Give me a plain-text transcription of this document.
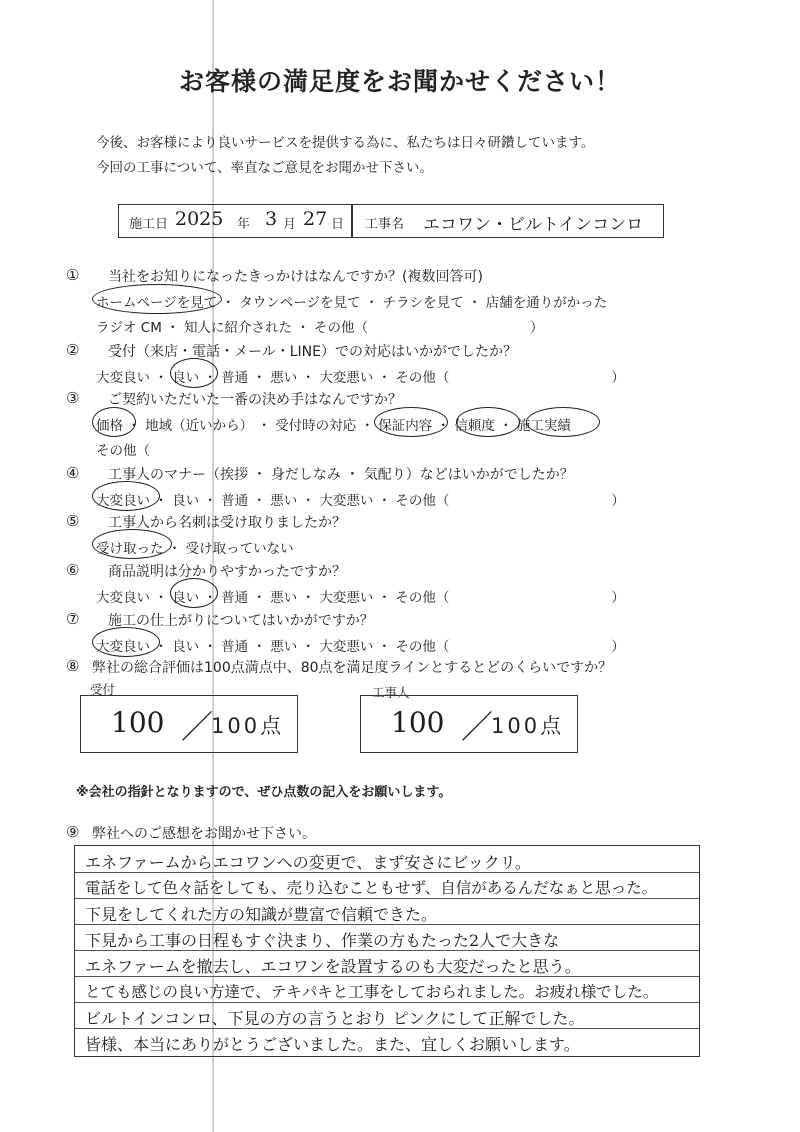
お客様の満足度をお聞かせください！
今後、お客様により良いサービスを提供する為に、私たちは日々研鑽しています。
今回の工事について、率直なご意見をお聞かせ下さい。
施工日 2025 年 3 月 27 日 工事名 エコワン・ビルトインコンロ
① 当社をお知りになったきっかけはなんですか？(複数回答可)
ホームページを見て ・ タウンページを見て ・ チラシを見て ・ 店舗を通りがかった
ラジオ CM ・ 知人に紹介された ・ その他（　　　　　　　　　　　　）
② 受付（来店・電話・メール・LINE）での対応はいかがでしたか？
大変良い ・ 良い ・ 普通 ・ 悪い ・ 大変悪い ・ その他（　　　　　　　　　　　　）
③ ご契約いただいた一番の決め手はなんですか？
価格 ・ 地域（近いから） ・ 受付時の対応 ・ 保証内容 ・ 信頼度 ・ 施工実績
その他（
④ 工事人のマナー（挨拶 ・ 身だしなみ ・ 気配り）などはいかがでしたか？
大変良い ・ 良い ・ 普通 ・ 悪い ・ 大変悪い ・ その他（　　　　　　　　　　　　）
⑤ 工事人から名刺は受け取りましたか？
受け取った ・ 受け取っていない
⑥ 商品説明は分かりやすかったですか？
大変良い ・ 良い ・ 普通 ・ 悪い ・ 大変悪い ・ その他（　　　　　　　　　　　　）
⑦ 施工の仕上がりについてはいかがですか？
大変良い ・ 良い ・ 普通 ・ 悪い ・ 大変悪い ・ その他（　　　　　　　　　　　　）
⑧ 弊社の総合評価は100点満点中、80点を満足度ラインとするとどのくらいですか？
受付	工事人
100 ／
100点	100 ／
100点
※会社の指針となりますので、ぜひ点数の記入をお願いします。
⑨ 弊社へのご感想をお聞かせ下さい。
エネファームからエコワンへの変更で、まず安さにビックリ。
電話をして色々話をしても、売り込むこともせず、自信があるんだなぁと思った。
下見をしてくれた方の知識が豊富で信頼できた。
下見から工事の日程もすぐ決まり、作業の方もたった2人で大きな
エネファームを撤去し、エコワンを設置するのも大変だったと思う。
とても感じの良い方達で、テキパキと工事をしておられました。お疲れ様でした。
ビルトインコンロ、下見の方の言うとおり ピンクにして正解でした。
皆様、本当にありがとうございました。また、宜しくお願いします。
